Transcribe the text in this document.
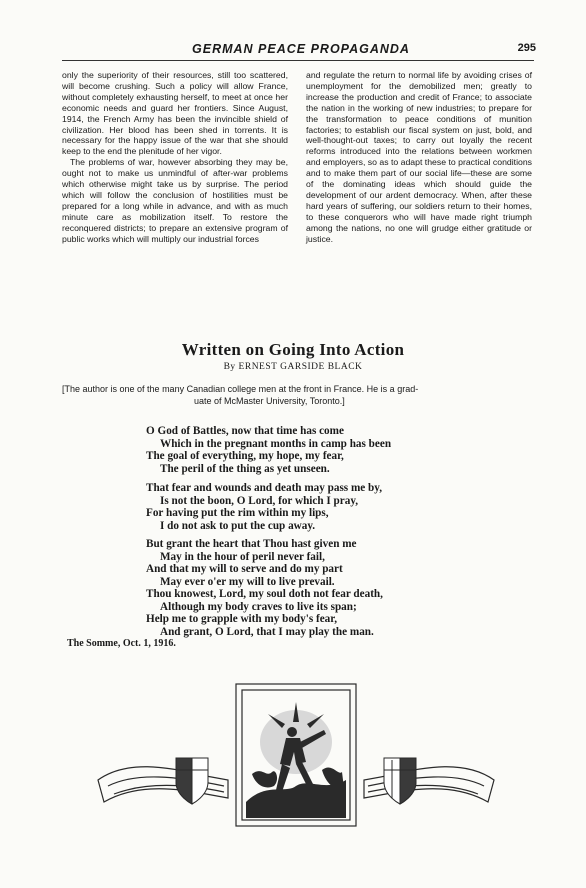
GERMAN PEACE PROPAGANDA	295

only the superiority of their resources, still too scattered, will become crushing. Such a policy will allow France, without completely exhausting herself, to meet at once her economic needs and guard her frontiers. Since August, 1914, the French Army has been the invincible shield of civilization. Her blood has been shed in torrents. It is necessary for the happy issue of the war that she should keep to the end the plenitude of her vigor.

The problems of war, however absorbing they may be, ought not to make us unmindful of after-war problems which otherwise might take us by surprise. The period which will follow the conclusion of hostilities must be prepared for a long while in advance, and with as much minute care as mobilization itself. To restore the reconquered districts; to prepare an extensive program of public works which will multiply our industrial forces

and regulate the return to normal life by avoiding crises of unemployment for the demobilized men; greatly to increase the production and credit of France; to associate the nation in the working of new industries; to prepare for the transformation to peace conditions of munition factories; to establish our fiscal system on just, bold, and well-thought-out taxes; to carry out loyally the recent reforms introduced into the relations between workmen and employers, so as to adapt these to practical conditions and to make them part of our social life—these are some of the dominating ideas which should guide the development of our ardent democracy. When, after these hard years of suffering, our soldiers return to their homes, to these conquerors who will have made right triumph among the nations, no one will grudge either gratitude or justice.

Written on Going Into Action
By ERNEST GARSIDE BLACK
[The author is one of the many Canadian college men at the front in France. He is a grad-
uate of McMaster University, Toronto.]
O God of Battles, now that time has come
Which in the pregnant months in camp has been
The goal of everything, my hope, my fear,
The peril of the thing as yet unseen.
That fear and wounds and death may pass me by,
Is not the boon, O Lord, for which I pray,
For having put the rim within my lips,
I do not ask to put the cup away.
But grant the heart that Thou hast given me
May in the hour of peril never fail,
And that my will to serve and do my part
May ever o'er my will to live prevail.
Thou knowest, Lord, my soul doth not fear death,
Although my body craves to live its span;
Help me to grapple with my body's fear,
And grant, O Lord, that I may play the man.
The Somme, Oct. 1, 1916.
